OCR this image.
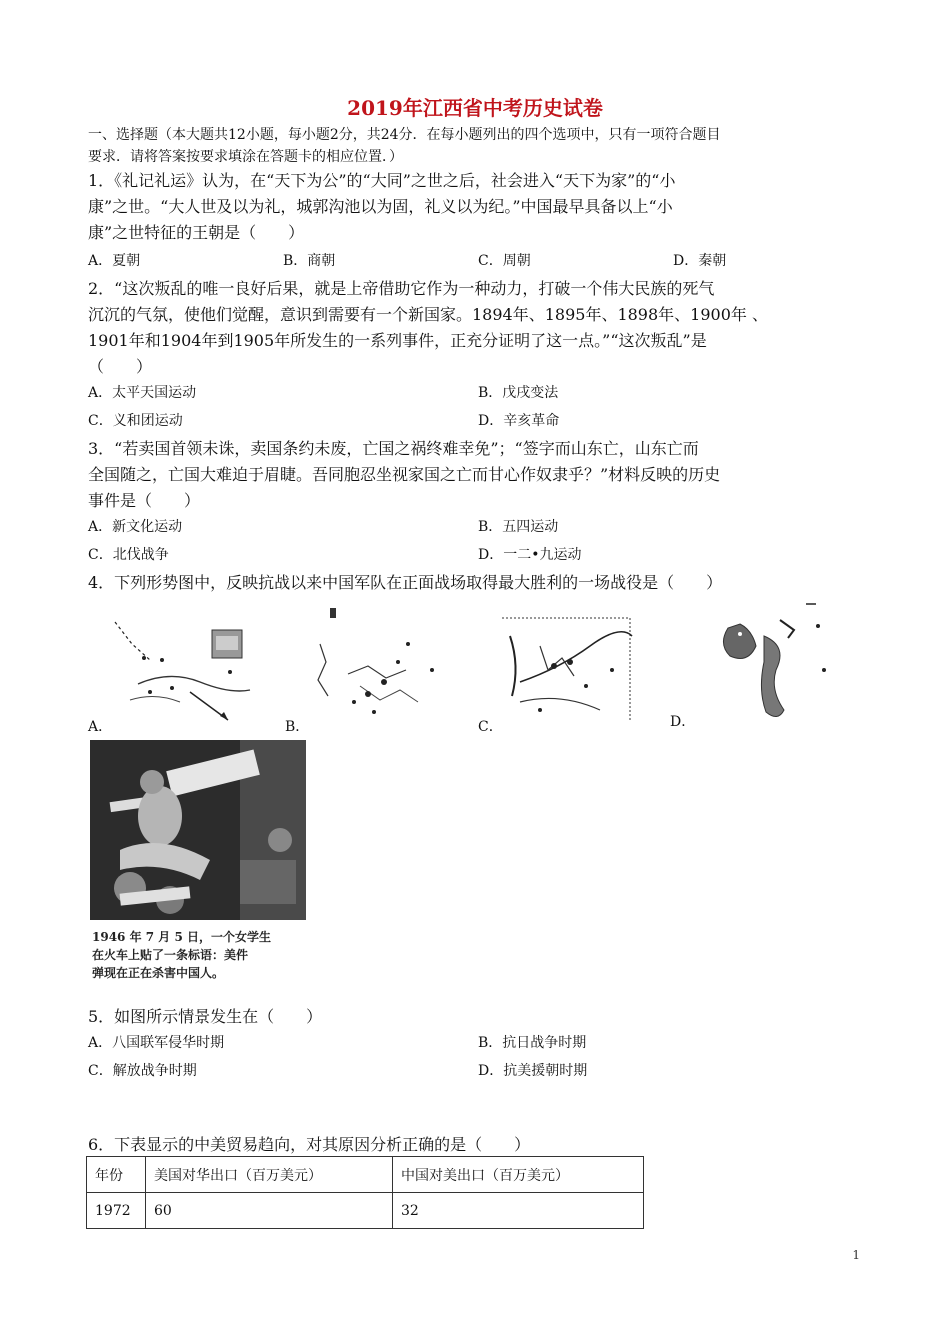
2019年江西省中考历史试卷
一、选择题（本大题共12小题，每小题2分，共24分．在每小题列出的四个选项中，只有一项符合题目
要求．请将答案按要求填涂在答题卡的相应位置．）
1．《礼记礼运》认为，在“天下为公”的“大同”之世之后，社会进入“天下为家”的“小
康”之世。“大人世及以为礼，城郭沟池以为固，礼义以为纪。”中国最早具备以上“小
康”之世特征的王朝是（　　）
A．夏朝	B．商朝	C．周朝	D．秦朝
2．“这次叛乱的唯一良好后果，就是上帝借助它作为一种动力，打破一个伟大民族的死气
沉沉的气氛，使他们觉醒，意识到需要有一个新国家。1894年、1895年、1898年、1900年 、
1901年和1904年到1905年所发生的一系列事件，正充分证明了这一点。”“这次叛乱”是
（　　）
A．太平天国运动	B．戊戌变法
C．义和团运动	D．辛亥革命
3．“若卖国首领未诛，卖国条约未废，亡国之祸终难幸免”；“签字而山东亡，山东亡而
全国随之，亡国大难迫于眉睫。吾同胞忍坐视家国之亡而甘心作奴隶乎？”材料反映的历史
事件是（　　）
A．新文化运动	B．五四运动
C．北伐战争	D．一二•九运动
4．下列形势图中，反映抗战以来中国军队在正面战场取得最大胜利的一场战役是（　　）
A．	B．	C．	D．
1946 年 7 月 5 日，一个女学生
在火车上贴了一条标语：美件
弹现在正在杀害中国人。
5．如图所示情景发生在（　　）
A．八国联军侵华时期	B．抗日战争时期
C．解放战争时期	D．抗美援朝时期
6．下表显示的中美贸易趋向，对其原因分析正确的是（　　）
年份	美国对华出口（百万美元）	中国对美出口（百万美元）
1972	60	32
1
